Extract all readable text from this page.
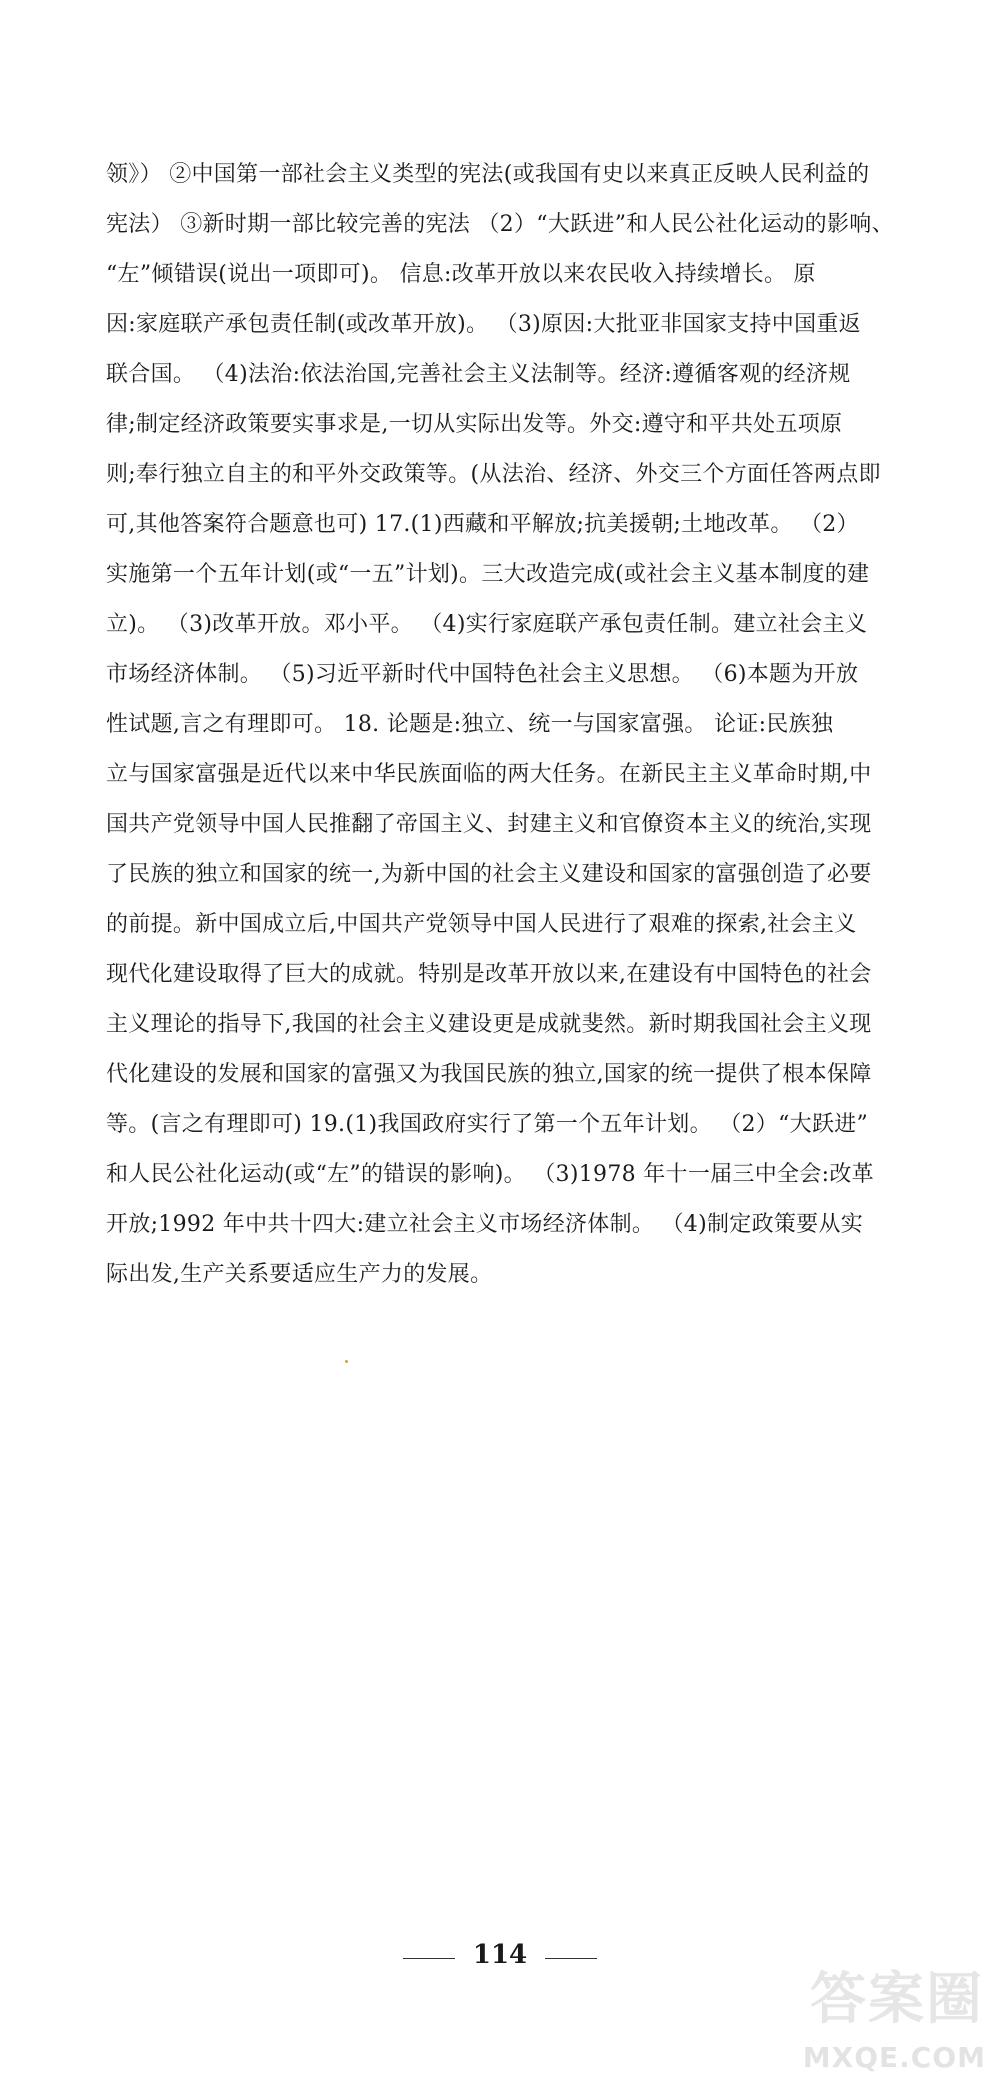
领》） ②中国第一部社会主义类型的宪法(或我国有史以来真正反映人民利益的
宪法） ③新时期一部比较完善的宪法 （2）“大跃进”和人民公社化运动的影响、
“左”倾错误(说出一项即可)。 信息:改革开放以来农民收入持续增长。 原
因:家庭联产承包责任制(或改革开放)。 （3)原因:大批亚非国家支持中国重返
联合国。 （4)法治:依法治国,完善社会主义法制等。经济:遵循客观的经济规
律;制定经济政策要实事求是,一切从实际出发等。外交:遵守和平共处五项原
则;奉行独立自主的和平外交政策等。(从法治、经济、外交三个方面任答两点即
可,其他答案符合题意也可) 17.(1)西藏和平解放;抗美援朝;土地改革。 （2）
实施第一个五年计划(或“一五”计划)。三大改造完成(或社会主义基本制度的建
立)。 （3)改革开放。邓小平。 （4)实行家庭联产承包责任制。建立社会主义
市场经济体制。 （5)习近平新时代中国特色社会主义思想。 （6)本题为开放
性试题,言之有理即可。 18. 论题是:独立、统一与国家富强。 论证:民族独
立与国家富强是近代以来中华民族面临的两大任务。在新民主主义革命时期,中
国共产党领导中国人民推翻了帝国主义、封建主义和官僚资本主义的统治,实现
了民族的独立和国家的统一,为新中国的社会主义建设和国家的富强创造了必要
的前提。新中国成立后,中国共产党领导中国人民进行了艰难的探索,社会主义
现代化建设取得了巨大的成就。特别是改革开放以来,在建设有中国特色的社会
主义理论的指导下,我国的社会主义建设更是成就斐然。新时期我国社会主义现
代化建设的发展和国家的富强又为我国民族的独立,国家的统一提供了根本保障
等。(言之有理即可) 19.(1)我国政府实行了第一个五年计划。 （2）“大跃进”
和人民公社化运动(或“左”的错误的影响)。 （3)1978 年十一届三中全会:改革
开放;1992 年中共十四大:建立社会主义市场经济体制。 （4)制定政策要从实
际出发,生产关系要适应生产力的发展。
114
答案圈
MXQE.COM
